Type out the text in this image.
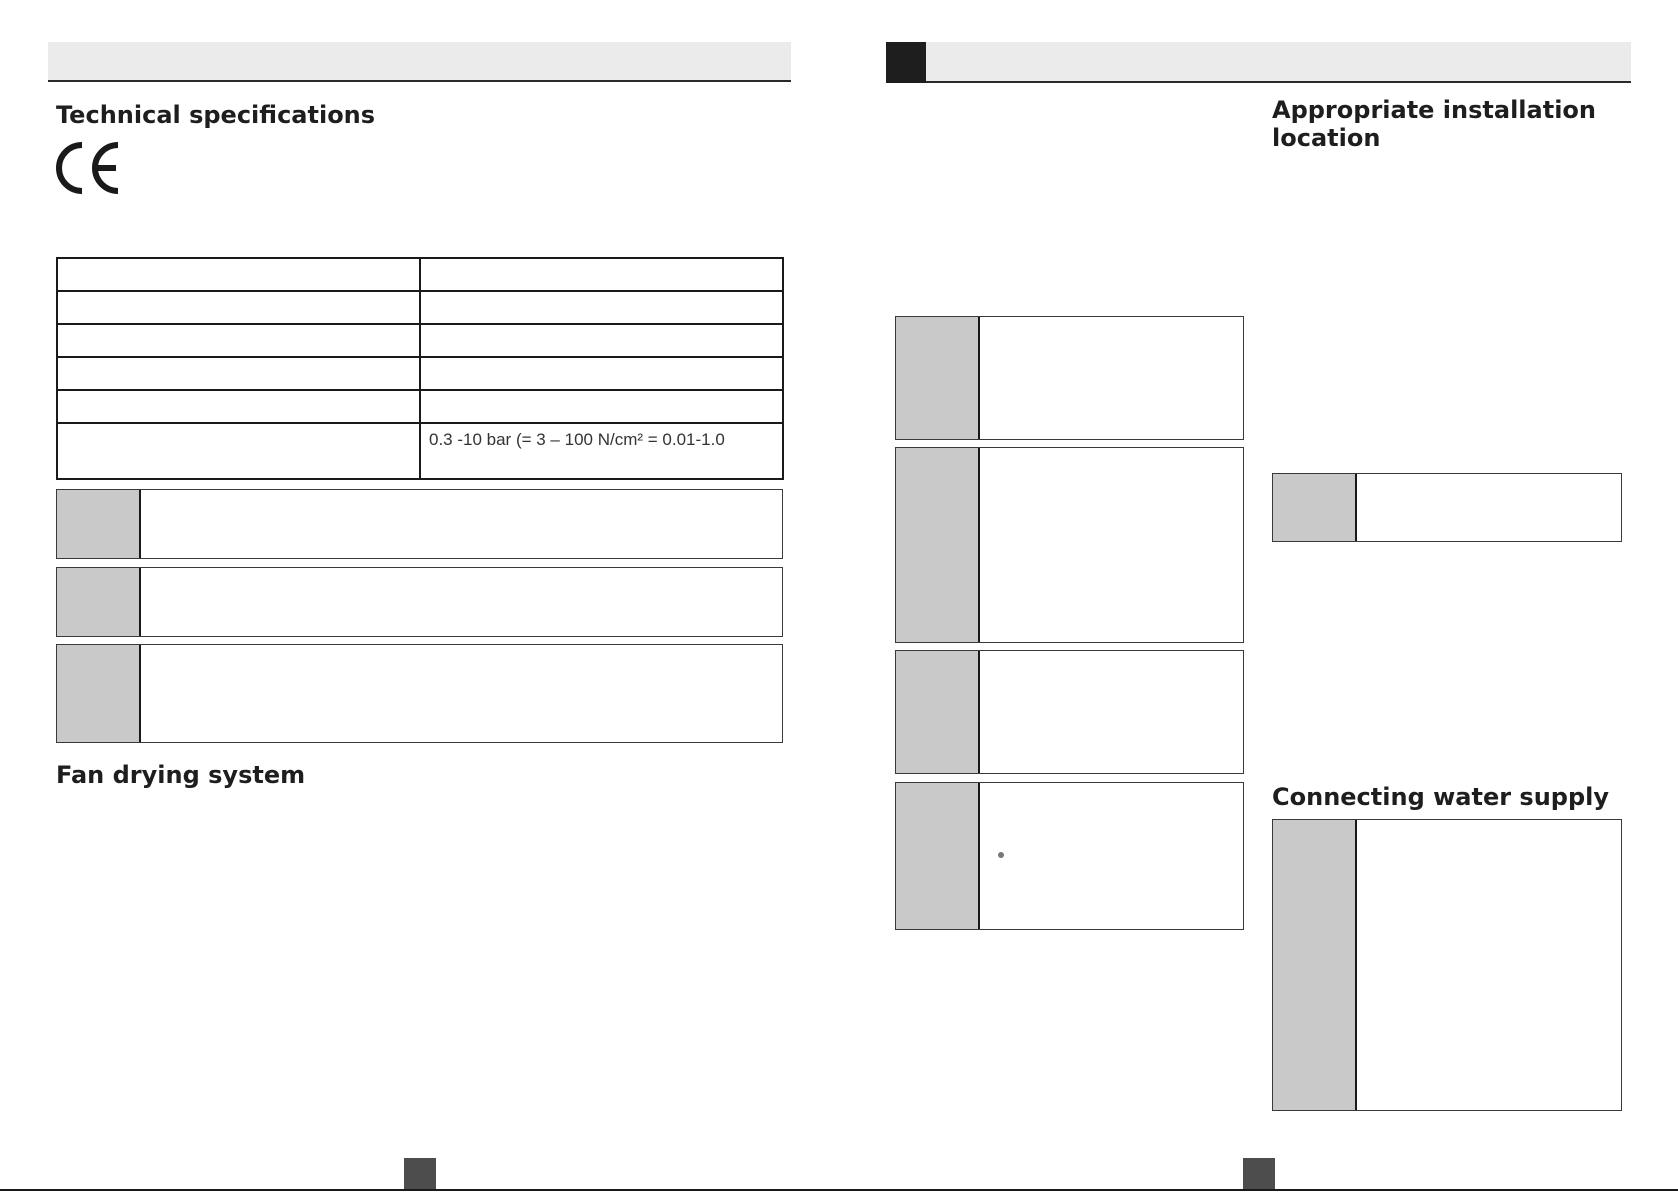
Technical specifications

	0.3 -10 bar (= 3 – 100 N/cm² = 0.01-1.0
Fan drying system
Appropriate installation location
Connecting water supply
